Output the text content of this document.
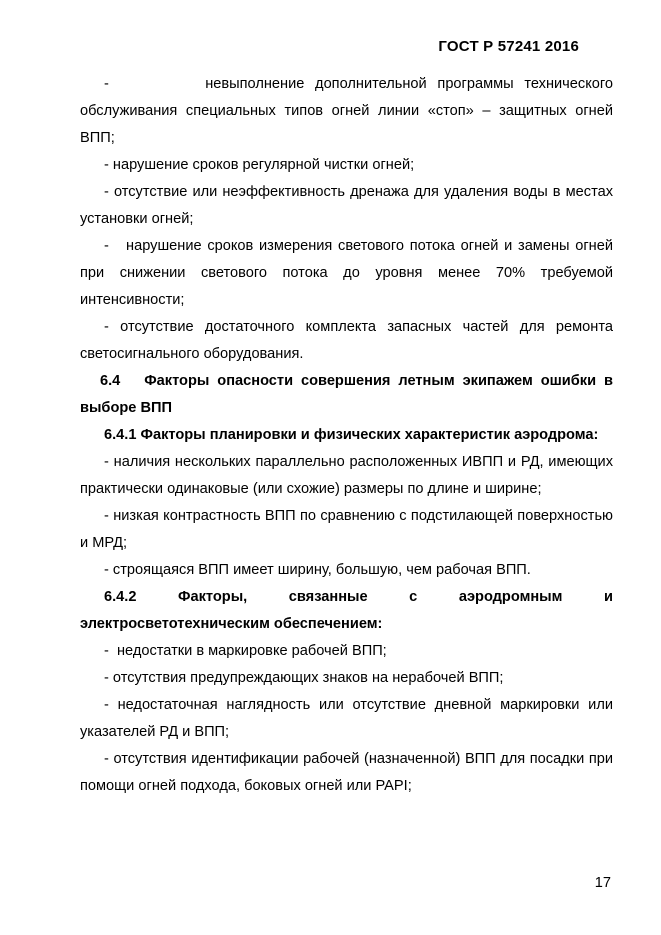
ГОСТ Р 57241 2016

-         невыполнение дополнительной программы технического обслуживания специальных типов огней линии «стоп» – защитных огней ВПП;

- нарушение сроков регулярной чистки огней;

- отсутствие или неэффективность дренажа для удаления воды в местах установки огней;

-   нарушение сроков измерения светового потока огней и замены огней при снижении светового потока до уровня менее 70% требуемой интенсивности;

- отсутствие достаточного комплекта запасных частей для ремонта светосигнального оборудования.

6.4   Факторы опасности совершения летным экипажем ошибки в выборе ВПП

6.4.1 Факторы планировки и физических характеристик аэродрома:

- наличия нескольких параллельно расположенных ИВПП и РД, имеющих практически одинаковые (или схожие) размеры по длине и ширине;

- низкая контрастность ВПП по сравнению с подстилающей поверхностью и МРД;

- строящаяся ВПП имеет ширину, большую, чем рабочая ВПП.

6.4.2 Факторы, связанные с аэродромным и электросветотехническим обеспечением:

-  недостатки в маркировке рабочей ВПП;

- отсутствия предупреждающих знаков на нерабочей ВПП;

- недостаточная наглядность или отсутствие дневной маркировки или указателей РД и ВПП;

- отсутствия идентификации рабочей (назначенной) ВПП для посадки при помощи огней подхода, боковых огней или PAPI;

17
